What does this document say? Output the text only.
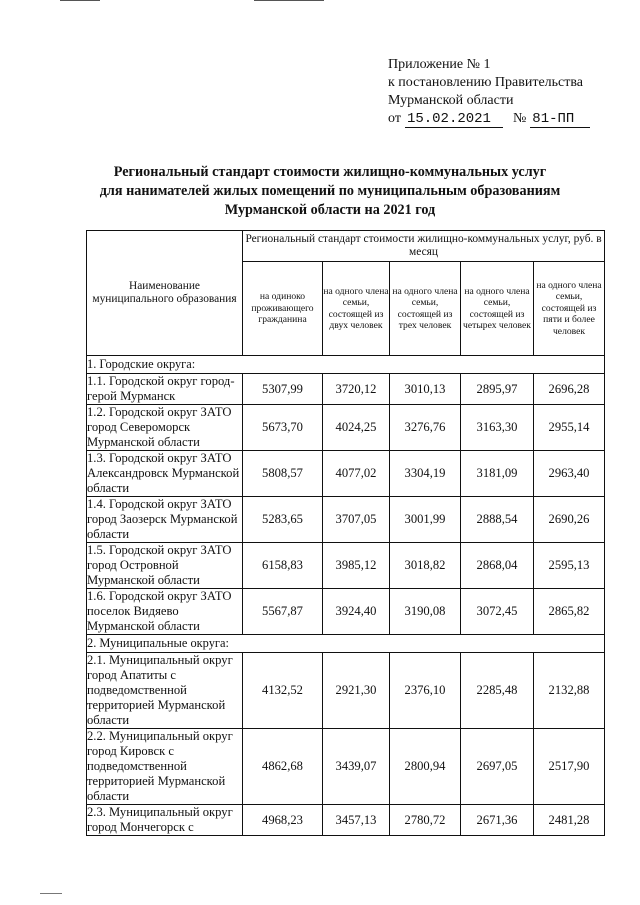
Приложение № 1
к постановлению Правительства
Мурманской области
от 15.02.2021 № 81-ПП
Региональный стандарт стоимости жилищно-коммунальных услуг
для нанимателей жилых помещений по муниципальным образованиям
Мурманской области на 2021 год
Наименование муниципального образования	Региональный стандарт стоимости жилищно-коммунальных услуг, руб. в месяц				
	на одиноко проживающего гражданина	на одного члена семьи, состоящей из двух человек	на одного члена семьи, состоящей из трех человек	на одного члена семьи, состоящей из четырех человек	на одного члена семьи, состоящей из пяти и более человек
1. Городские округа:					
1.1. Городской округ город-герой Мурманск	5307,99	3720,12	3010,13	2895,97	2696,28
1.2. Городской округ ЗАТО город Североморск Мурманской области	5673,70	4024,25	3276,76	3163,30	2955,14
1.3. Городской округ ЗАТО Александровск Мурманской области	5808,57	4077,02	3304,19	3181,09	2963,40
1.4. Городской округ ЗАТО город Заозерск Мурманской области	5283,65	3707,05	3001,99	2888,54	2690,26
1.5. Городской округ ЗАТО город Островной Мурманской области	6158,83	3985,12	3018,82	2868,04	2595,13
1.6. Городской округ ЗАТО поселок Видяево Мурманской области	5567,87	3924,40	3190,08	3072,45	2865,82
2. Муниципальные округа:					
2.1. Муниципальный округ город Апатиты с подведомственной территорией Мурманской области	4132,52	2921,30	2376,10	2285,48	2132,88
2.2. Муниципальный округ город Кировск с подведомственной территорией Мурманской области	4862,68	3439,07	2800,94	2697,05	2517,90
2.3. Муниципальный округ город Мончегорск с	4968,23	3457,13	2780,72	2671,36	2481,28
